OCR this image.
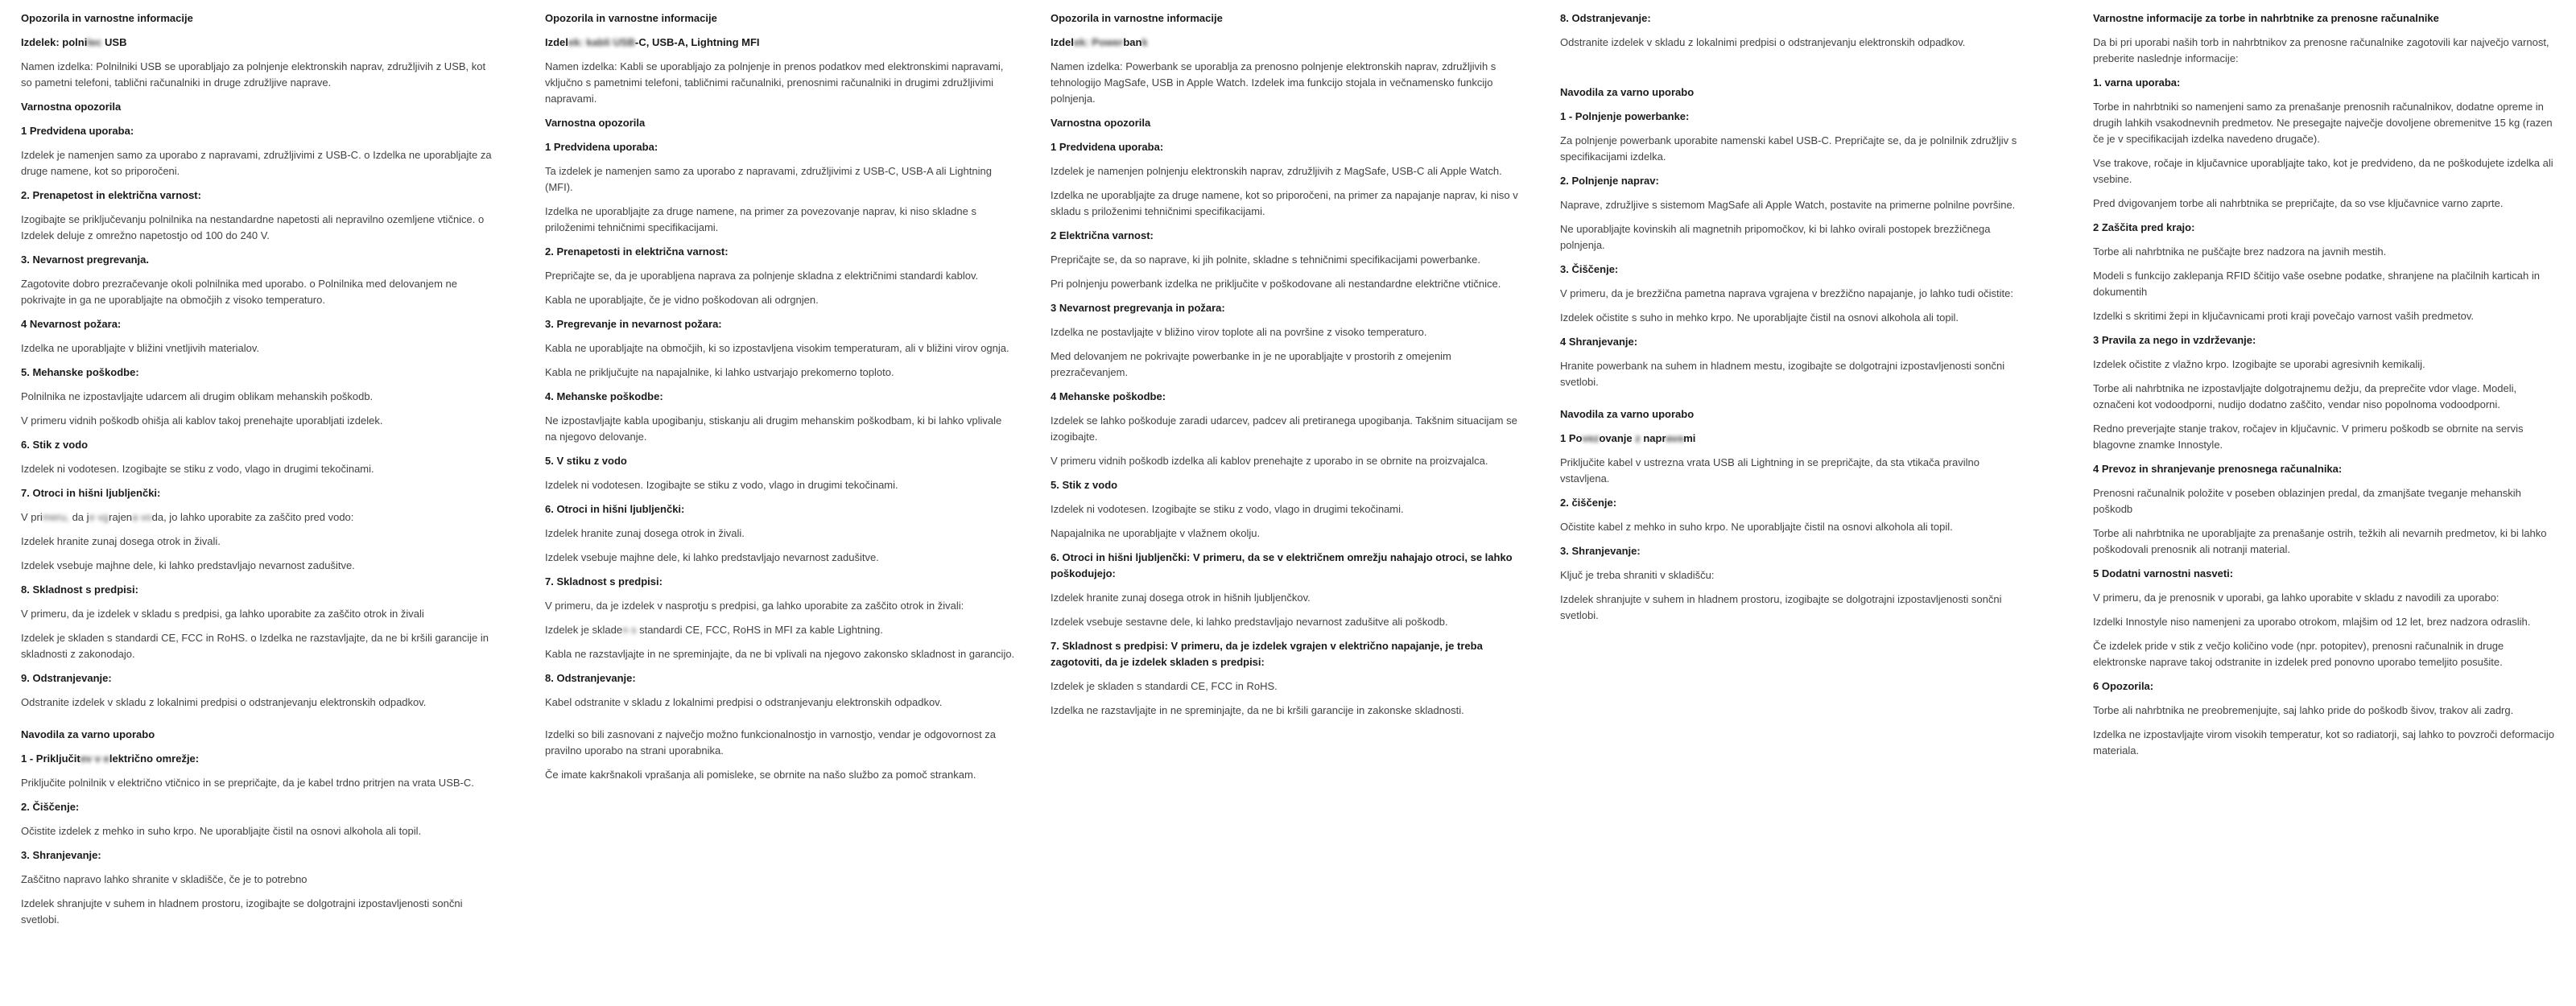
Opozorila in varnostne informacije
Izdelek: polnilec USB

Namen izdelka: Polnilniki USB se uporabljajo za polnjenje elektronskih naprav, združljivih z USB, kot so pametni telefoni, tablični računalniki in druge združljive naprave.

Varnostna opozorila
1 Predvidena uporaba:

Izdelek je namenjen samo za uporabo z napravami, združljivimi z USB-C. o Izdelka ne uporabljajte za druge namene, kot so priporočeni.

2. Prenapetost in električna varnost:

Izogibajte se priključevanju polnilnika na nestandardne napetosti ali nepravilno ozemljene vtičnice. o Izdelek deluje z omrežno napetostjo od 100 do 240 V.

3. Nevarnost pregrevanja.

Zagotovite dobro prezračevanje okoli polnilnika med uporabo. o Polnilnika med delovanjem ne pokrivajte in ga ne uporabljajte na območjih z visoko temperaturo.

4 Nevarnost požara:

Izdelka ne uporabljajte v bližini vnetljivih materialov.

5. Mehanske poškodbe:

Polnilnika ne izpostavljajte udarcem ali drugim oblikam mehanskih poškodb.

V primeru vidnih poškodb ohišja ali kablov takoj prenehajte uporabljati izdelek.

6. Stik z vodo

Izdelek ni vodotesen. Izogibajte se stiku z vodo, vlago in drugimi tekočinami.

7. Otroci in hišni ljubljenčki:

V primeru, da je vgrajena voda, jo lahko uporabite za zaščito pred vodo:

Izdelek hranite zunaj dosega otrok in živali.

Izdelek vsebuje majhne dele, ki lahko predstavljajo nevarnost zadušitve.

8. Skladnost s predpisi:

V primeru, da je izdelek v skladu s predpisi, ga lahko uporabite za zaščito otrok in živali

Izdelek je skladen s standardi CE, FCC in RoHS. o Izdelka ne razstavljajte, da ne bi kršili garancije in skladnosti z zakonodajo.

9. Odstranjevanje:

Odstranite izdelek v skladu z lokalnimi predpisi o odstranjevanju elektronskih odpadkov.

Navodila za varno uporabo
1 - Priključitev v električno omrežje:

Priključite polnilnik v električno vtičnico in se prepričajte, da je kabel trdno pritrjen na vrata USB-C.

2. Čiščenje:

Očistite izdelek z mehko in suho krpo. Ne uporabljajte čistil na osnovi alkohola ali topil.

3. Shranjevanje:

Zaščitno napravo lahko shranite v skladišče, če je to potrebno

Izdelek shranjujte v suhem in hladnem prostoru, izogibajte se dolgotrajni izpostavljenosti sončni svetlobi.

Opozorila in varnostne informacije
Izdelek: kabli USB-C, USB-A, Lightning MFI

Namen izdelka: Kabli se uporabljajo za polnjenje in prenos podatkov med elektronskimi napravami, vključno s pametnimi telefoni, tabličnimi računalniki, prenosnimi računalniki in drugimi združljivimi napravami.

Varnostna opozorila
1 Predvidena uporaba:

Ta izdelek je namenjen samo za uporabo z napravami, združljivimi z USB-C, USB-A ali Lightning (MFI).

Izdelka ne uporabljajte za druge namene, na primer za povezovanje naprav, ki niso skladne s priloženimi tehničnimi specifikacijami.

2. Prenapetosti in električna varnost:

Prepričajte se, da je uporabljena naprava za polnjenje skladna z električnimi standardi kablov.

Kabla ne uporabljajte, če je vidno poškodovan ali odrgnjen.

3. Pregrevanje in nevarnost požara:

Kabla ne uporabljajte na območjih, ki so izpostavljena visokim temperaturam, ali v bližini virov ognja.

Kabla ne priključujte na napajalnike, ki lahko ustvarjajo prekomerno toploto.

4. Mehanske poškodbe:

Ne izpostavljajte kabla upogibanju, stiskanju ali drugim mehanskim poškodbam, ki bi lahko vplivale na njegovo delovanje.

5. V stiku z vodo

Izdelek ni vodotesen. Izogibajte se stiku z vodo, vlago in drugimi tekočinami.

6. Otroci in hišni ljubljenčki:

Izdelek hranite zunaj dosega otrok in živali.

Izdelek vsebuje majhne dele, ki lahko predstavljajo nevarnost zadušitve.

7. Skladnost s predpisi:

V primeru, da je izdelek v nasprotju s predpisi, ga lahko uporabite za zaščito otrok in živali:

Izdelek je skladen s standardi CE, FCC, RoHS in MFI za kable Lightning.

Kabla ne razstavljajte in ne spreminjajte, da ne bi vplivali na njegovo zakonsko skladnost in garancijo.

8. Odstranjevanje:

Kabel odstranite v skladu z lokalnimi predpisi o odstranjevanju elektronskih odpadkov.

Izdelki so bili zasnovani z največjo možno funkcionalnostjo in varnostjo, vendar je odgovornost za pravilno uporabo na strani uporabnika.

Če imate kakršnakoli vprašanja ali pomisleke, se obrnite na našo službo za pomoč strankam.

Opozorila in varnostne informacije
Izdelek: Powerbank

Namen izdelka: Powerbank se uporablja za prenosno polnjenje elektronskih naprav, združljivih s tehnologijo MagSafe, USB in Apple Watch. Izdelek ima funkcijo stojala in večnamensko funkcijo polnjenja.

Varnostna opozorila
1 Predvidena uporaba:

Izdelek je namenjen polnjenju elektronskih naprav, združljivih z MagSafe, USB-C ali Apple Watch.

Izdelka ne uporabljajte za druge namene, kot so priporočeni, na primer za napajanje naprav, ki niso v skladu s priloženimi tehničnimi specifikacijami.

2 Električna varnost:

Prepričajte se, da so naprave, ki jih polnite, skladne s tehničnimi specifikacijami powerbanke.

Pri polnjenju powerbank izdelka ne priključite v poškodovane ali nestandardne električne vtičnice.

3 Nevarnost pregrevanja in požara:

Izdelka ne postavljajte v bližino virov toplote ali na površine z visoko temperaturo.

Med delovanjem ne pokrivajte powerbanke in je ne uporabljajte v prostorih z omejenim prezračevanjem.

4 Mehanske poškodbe:

Izdelek se lahko poškoduje zaradi udarcev, padcev ali pretiranega upogibanja. Takšnim situacijam se izogibajte.

V primeru vidnih poškodb izdelka ali kablov prenehajte z uporabo in se obrnite na proizvajalca.

5. Stik z vodo

Izdelek ni vodotesen. Izogibajte se stiku z vodo, vlago in drugimi tekočinami.

Napajalnika ne uporabljajte v vlažnem okolju.

6. Otroci in hišni ljubljenčki: V primeru, da se v električnem omrežju nahajajo otroci, se lahko poškodujejo:

Izdelek hranite zunaj dosega otrok in hišnih ljubljenčkov.

Izdelek vsebuje sestavne dele, ki lahko predstavljajo nevarnost zadušitve ali poškodb.

7. Skladnost s predpisi: V primeru, da je izdelek vgrajen v električno napajanje, je treba zagotoviti, da je izdelek skladen s predpisi:

Izdelek je skladen s standardi CE, FCC in RoHS.

Izdelka ne razstavljajte in ne spreminjajte, da ne bi kršili garancije in zakonske skladnosti.

8. Odstranjevanje:

Odstranite izdelek v skladu z lokalnimi predpisi o odstranjevanju elektronskih odpadkov.

Navodila za varno uporabo
1 - Polnjenje powerbanke:

Za polnjenje powerbank uporabite namenski kabel USB-C. Prepričajte se, da je polnilnik združljiv s specifikacijami izdelka.

2. Polnjenje naprav:

Naprave, združljive s sistemom MagSafe ali Apple Watch, postavite na primerne polnilne površine.

Ne uporabljajte kovinskih ali magnetnih pripomočkov, ki bi lahko ovirali postopek brezžičnega polnjenja.

3. Čiščenje:

V primeru, da je brezžična pametna naprava vgrajena v brezžično napajanje, jo lahko tudi očistite:

Izdelek očistite s suho in mehko krpo. Ne uporabljajte čistil na osnovi alkohola ali topil.

4 Shranjevanje:

Hranite powerbank na suhem in hladnem mestu, izogibajte se dolgotrajni izpostavljenosti sončni svetlobi.

Navodila za varno uporabo
1 Povezovanje z napravami

Priključite kabel v ustrezna vrata USB ali Lightning in se prepričajte, da sta vtikača pravilno vstavljena.

2. čiščenje:

Očistite kabel z mehko in suho krpo. Ne uporabljajte čistil na osnovi alkohola ali topil.

3. Shranjevanje:

Ključ je treba shraniti v skladišču:

Izdelek shranjujte v suhem in hladnem prostoru, izogibajte se dolgotrajni izpostavljenosti sončni svetlobi.

Varnostne informacije za torbe in nahrbtnike za prenosne računalnike

Da bi pri uporabi naših torb in nahrbtnikov za prenosne računalnike zagotovili kar največjo varnost, preberite naslednje informacije:

1. varna uporaba:

Torbe in nahrbtniki so namenjeni samo za prenašanje prenosnih računalnikov, dodatne opreme in drugih lahkih vsakodnevnih predmetov. Ne presegajte največje dovoljene obremenitve 15 kg (razen če je v specifikacijah izdelka navedeno drugače).

Vse trakove, ročaje in ključavnice uporabljajte tako, kot je predvideno, da ne poškodujete izdelka ali vsebine.

Pred dvigovanjem torbe ali nahrbtnika se prepričajte, da so vse ključavnice varno zaprte.

2 Zaščita pred krajo:

Torbe ali nahrbtnika ne puščajte brez nadzora na javnih mestih.

Modeli s funkcijo zaklepanja RFID ščitijo vaše osebne podatke, shranjene na plačilnih karticah in dokumentih

Izdelki s skritimi žepi in ključavnicami proti kraji povečajo varnost vaših predmetov.

3 Pravila za nego in vzdrževanje:

Izdelek očistite z vlažno krpo. Izogibajte se uporabi agresivnih kemikalij.

Torbe ali nahrbtnika ne izpostavljajte dolgotrajnemu dežju, da preprečite vdor vlage. Modeli, označeni kot vodoodporni, nudijo dodatno zaščito, vendar niso popolnoma vodoodporni.

Redno preverjajte stanje trakov, ročajev in ključavnic. V primeru poškodb se obrnite na servis blagovne znamke Innostyle.

4 Prevoz in shranjevanje prenosnega računalnika:

Prenosni računalnik položite v poseben oblazinjen predal, da zmanjšate tveganje mehanskih poškodb

Torbe ali nahrbtnika ne uporabljajte za prenašanje ostrih, težkih ali nevarnih predmetov, ki bi lahko poškodovali prenosnik ali notranji material.

5 Dodatni varnostni nasveti:

V primeru, da je prenosnik v uporabi, ga lahko uporabite v skladu z navodili za uporabo:

Izdelki Innostyle niso namenjeni za uporabo otrokom, mlajšim od 12 let, brez nadzora odraslih.

Če izdelek pride v stik z večjo količino vode (npr. potopitev), prenosni računalnik in druge elektronske naprave takoj odstranite in izdelek pred ponovno uporabo temeljito posušite.

6 Opozorila:

Torbe ali nahrbtnika ne preobremenjujte, saj lahko pride do poškodb šivov, trakov ali zadrg.

Izdelka ne izpostavljajte virom visokih temperatur, kot so radiatorji, saj lahko to povzroči deformacijo materiala.
